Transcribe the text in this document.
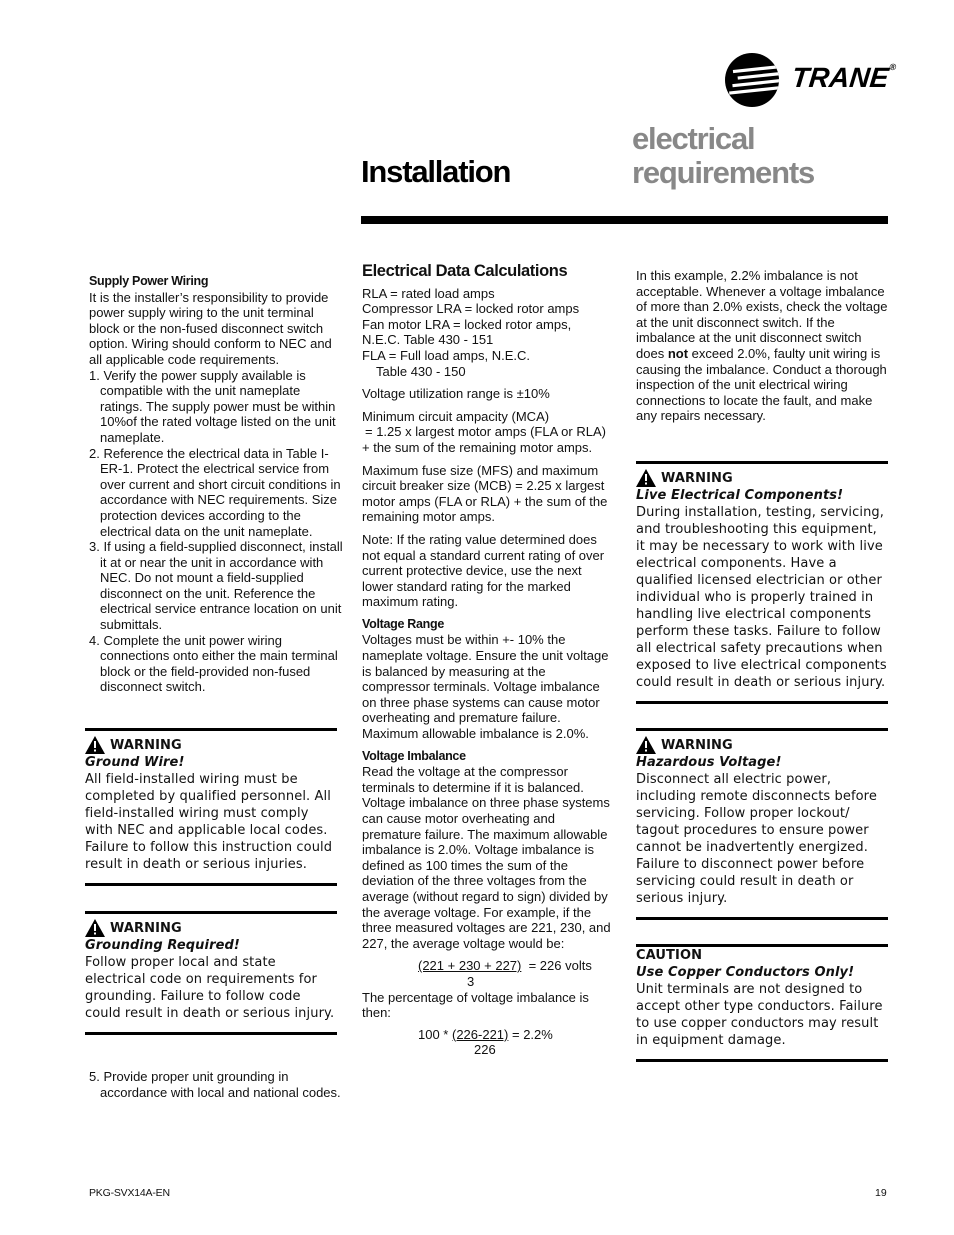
TRANE®
Installation
electrical
requirements

Supply Power Wiring

It is the installer’s responsibility to provide power supply wiring to the unit terminal block or the non-fused disconnect switch option. Wiring should conform to NEC and all applicable code requirements.

1. Verify the power supply available is compatible with the unit nameplate ratings. The supply power must be within 10%of the rated voltage listed on the unit nameplate.

2. Reference the electrical data in Table I-ER-1. Protect the electrical service from over current and short circuit conditions in accordance with NEC requirements. Size protection devices according to the electrical data on the unit nameplate.

3. If using a field-supplied disconnect, install it at or near the unit in accordance with NEC. Do not mount a field-supplied disconnect on the unit. Reference the electrical service entrance location on unit submittals.

4. Complete the unit power wiring connections onto either the main terminal block or the field-provided non-fused disconnect switch.

WARNING
Ground Wire!
All field-installed wiring must be completed by qualified personnel. All field-installed wiring must comply with NEC and applicable local codes. Failure to follow this instruction could result in death or serious injuries.
WARNING
Grounding Required!
Follow proper local and state electrical code on requirements for grounding. Failure to follow code could result in death or serious injury.

5. Provide proper unit grounding in accordance with local and national codes.

Electrical Data Calculations

RLA = rated load amps

Compressor LRA = locked rotor amps

Fan motor LRA = locked rotor amps,

N.E.C. Table 430 - 151

FLA = Full load amps, N.E.C.

Table 430 - 150

Voltage utilization range is ±10%

Minimum circuit ampacity (MCA)

= 1.25 x largest motor amps (FLA or RLA) + the sum of the remaining motor amps.

Maximum fuse size (MFS) and maximum circuit breaker size (MCB) = 2.25 x largest motor amps (FLA or RLA) + the sum of the remaining motor amps.

Note: If the rating value determined does not equal a standard current rating of over current protective device, use the next lower standard rating for the marked maximum rating.

Voltage Range

Voltages must be within +- 10% the nameplate voltage. Ensure the unit voltage is balanced by measuring at the compressor terminals. Voltage imbalance on three phase systems can cause motor overheating and premature failure. Maximum allowable imbalance is 2.0%.

Voltage Imbalance

Read the voltage at the compressor terminals to determine if it is balanced. Voltage imbalance on three phase systems can cause motor overheating and premature failure. The maximum allowable imbalance is 2.0%. Voltage imbalance is defined as 100 times the sum of the deviation of the three voltages from the average (without regard to sign) divided by the average voltage. For example, if the three measured voltages are 221, 230, and 227, the average voltage would be:

(221 + 230 + 227) = 226 volts
3

The percentage of voltage imbalance is then:

100 * (226-221) = 2.2%
226

In this example, 2.2% imbalance is not acceptable. Whenever a voltage imbalance of more than 2.0% exists, check the voltage at the unit disconnect switch. If the imbalance at the unit disconnect switch does not exceed 2.0%, faulty unit wiring is causing the imbalance. Conduct a thorough inspection of the unit electrical wiring connections to locate the fault, and make any repairs necessary.

WARNING
Live Electrical Components!
During installation, testing, servicing, and troubleshooting this equipment, it may be necessary to work with live electrical components. Have a qualified licensed electrician or other individual who is properly trained in handling live electrical components perform these tasks. Failure to follow all electrical safety precautions when exposed to live electrical components could result in death or serious injury.
WARNING
Hazardous Voltage!
Disconnect all electric power, including remote disconnects before servicing. Follow proper lockout/ tagout procedures to ensure power cannot be inadvertently energized. Failure to disconnect power before servicing could result in death or serious injury.
CAUTION
Use Copper Conductors Only!
Unit terminals are not designed to accept other type conductors. Failure to use copper conductors may result in equipment damage.
PKG-SVX14A-EN	19
